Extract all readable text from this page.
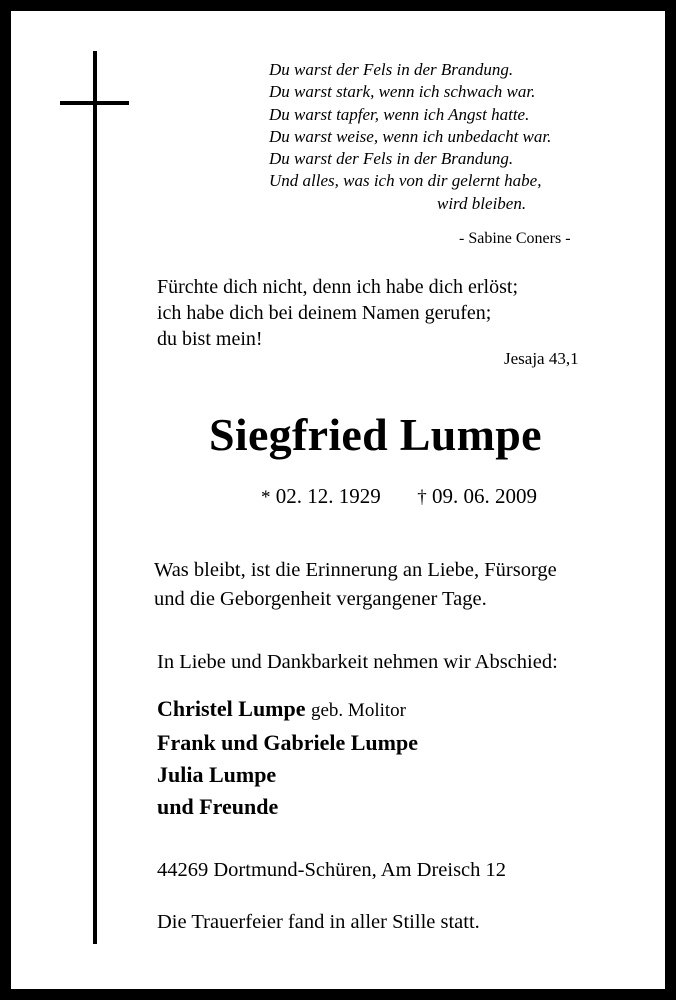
Du warst der Fels in der Brandung.
Du warst stark, wenn ich schwach war.
Du warst tapfer, wenn ich Angst hatte.
Du warst weise, wenn ich unbedacht war.
Du warst der Fels in der Brandung.
Und alles, was ich von dir gelernt habe,
wird bleiben.
- Sabine Coners -
Fürchte dich nicht, denn ich habe dich erlöst;
ich habe dich bei deinem Namen gerufen;
du bist mein!
Jesaja 43,1
Siegfried Lumpe
* 02. 12. 1929 † 09. 06. 2009
Was bleibt, ist die Erinnerung an Liebe, Fürsorge
und die Geborgenheit vergangener Tage.
In Liebe und Dankbarkeit nehmen wir Abschied:
Christel Lumpe geb. Molitor
Frank und Gabriele Lumpe
Julia Lumpe
und Freunde
44269 Dortmund-Schüren, Am Dreisch 12
Die Trauerfeier fand in aller Stille statt.
